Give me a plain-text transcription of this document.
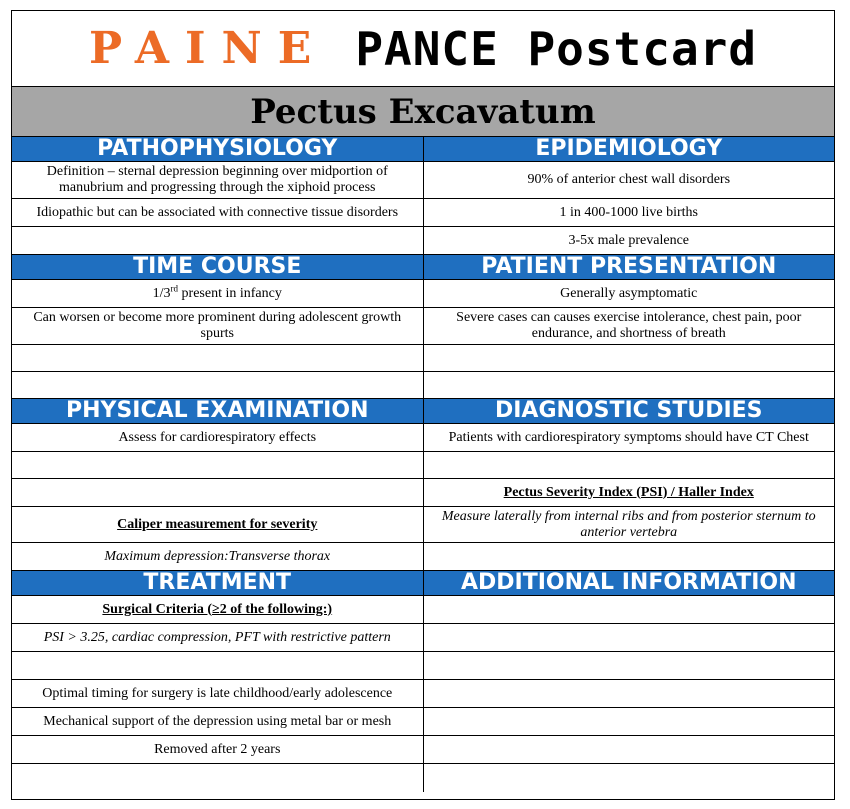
PAINE PANCE Postcard
Pectus Excavatum
PATHOPHYSIOLOGY	EPIDEMIOLOGY
Definition – sternal depression beginning over midportion of manubrium and progressing through the xiphoid process	90% of anterior chest wall disorders
Idiopathic but can be associated with connective tissue disorders	1 in 400-1000 live births
	3-5x male prevalence
TIME COURSE	PATIENT PRESENTATION
1/3rd present in infancy	Generally asymptomatic
Can worsen or become more prominent during adolescent growth spurts	Severe cases can causes exercise intolerance, chest pain, poor endurance, and shortness of breath

PHYSICAL EXAMINATION	DIAGNOSTIC STUDIES
Assess for cardiorespiratory effects	Patients with cardiorespiratory symptoms should have CT Chest

	Pectus Severity Index (PSI) / Haller Index
Caliper measurement for severity	Measure laterally from internal ribs and from posterior sternum to anterior vertebra
Maximum depression:Transverse thorax	
TREATMENT	ADDITIONAL INFORMATION
Surgical Criteria (≥2 of the following:)	
PSI > 3.25, cardiac compression, PFT with restrictive pattern	

Optimal timing for surgery is late childhood/early adolescence	
Mechanical support of the depression using metal bar or mesh	
Removed after 2 years	
